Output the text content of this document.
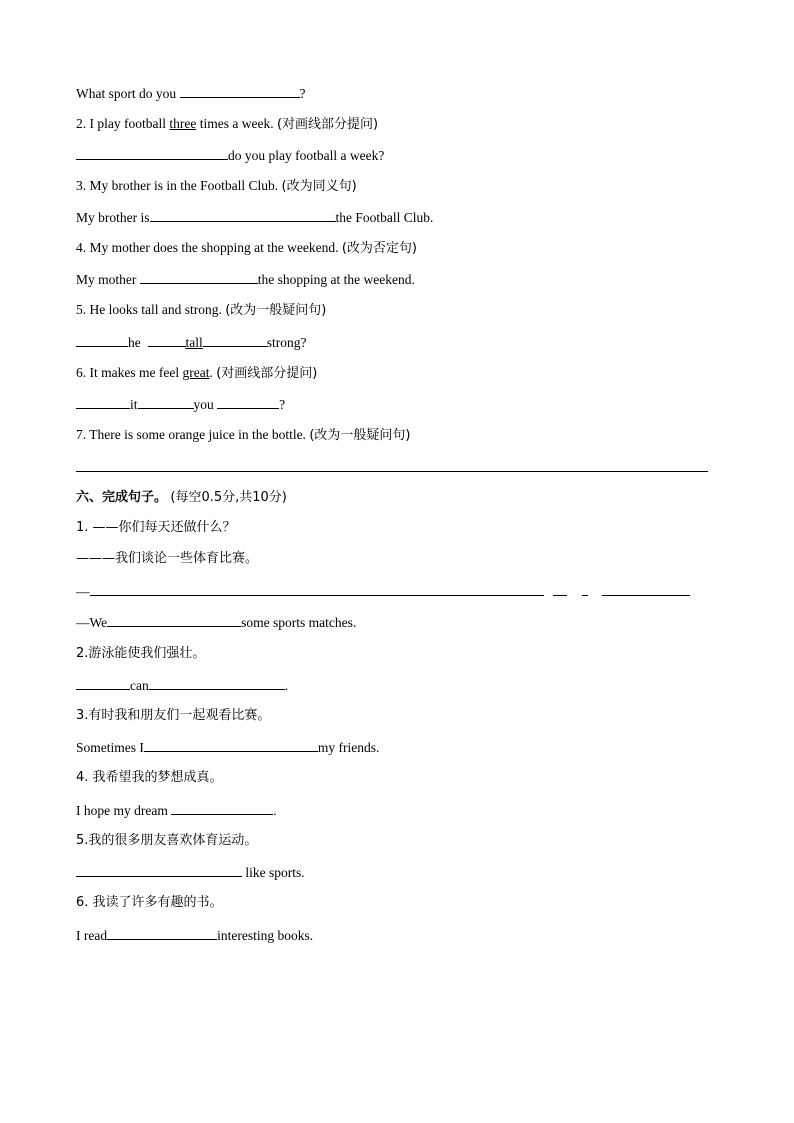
What sport do you	?
2. I play football three times a week. (对画线部分提问)
do you play football a week?
3. My brother is in the Football Club. (改为同义句)
My brother is	the Football Club.
4. My mother does the shopping at the weekend. (改为否定句)
My mother	the shopping at the weekend.
5. He looks tall and strong. (改为一般疑问句)
he	tall	strong?
6. It makes me feel great. (对画线部分提问)
it	you	?
7. There is some orange juice in the bottle. (改为一般疑问句)
六、完成句子。 (每空0.5分,共10分)
1. ——你们每天还做什么？
———我们谈论一些体育比赛。
—
—We	some sports matches.
2.游泳能使我们强壮。
can	.
3.有时我和朋友们一起观看比赛。
Sometimes I	my friends.
4. 我希望我的梦想成真。
I hope my dream	.
5.我的很多朋友喜欢体育运动。
like sports.
6. 我读了许多有趣的书。
I read	interesting books.
